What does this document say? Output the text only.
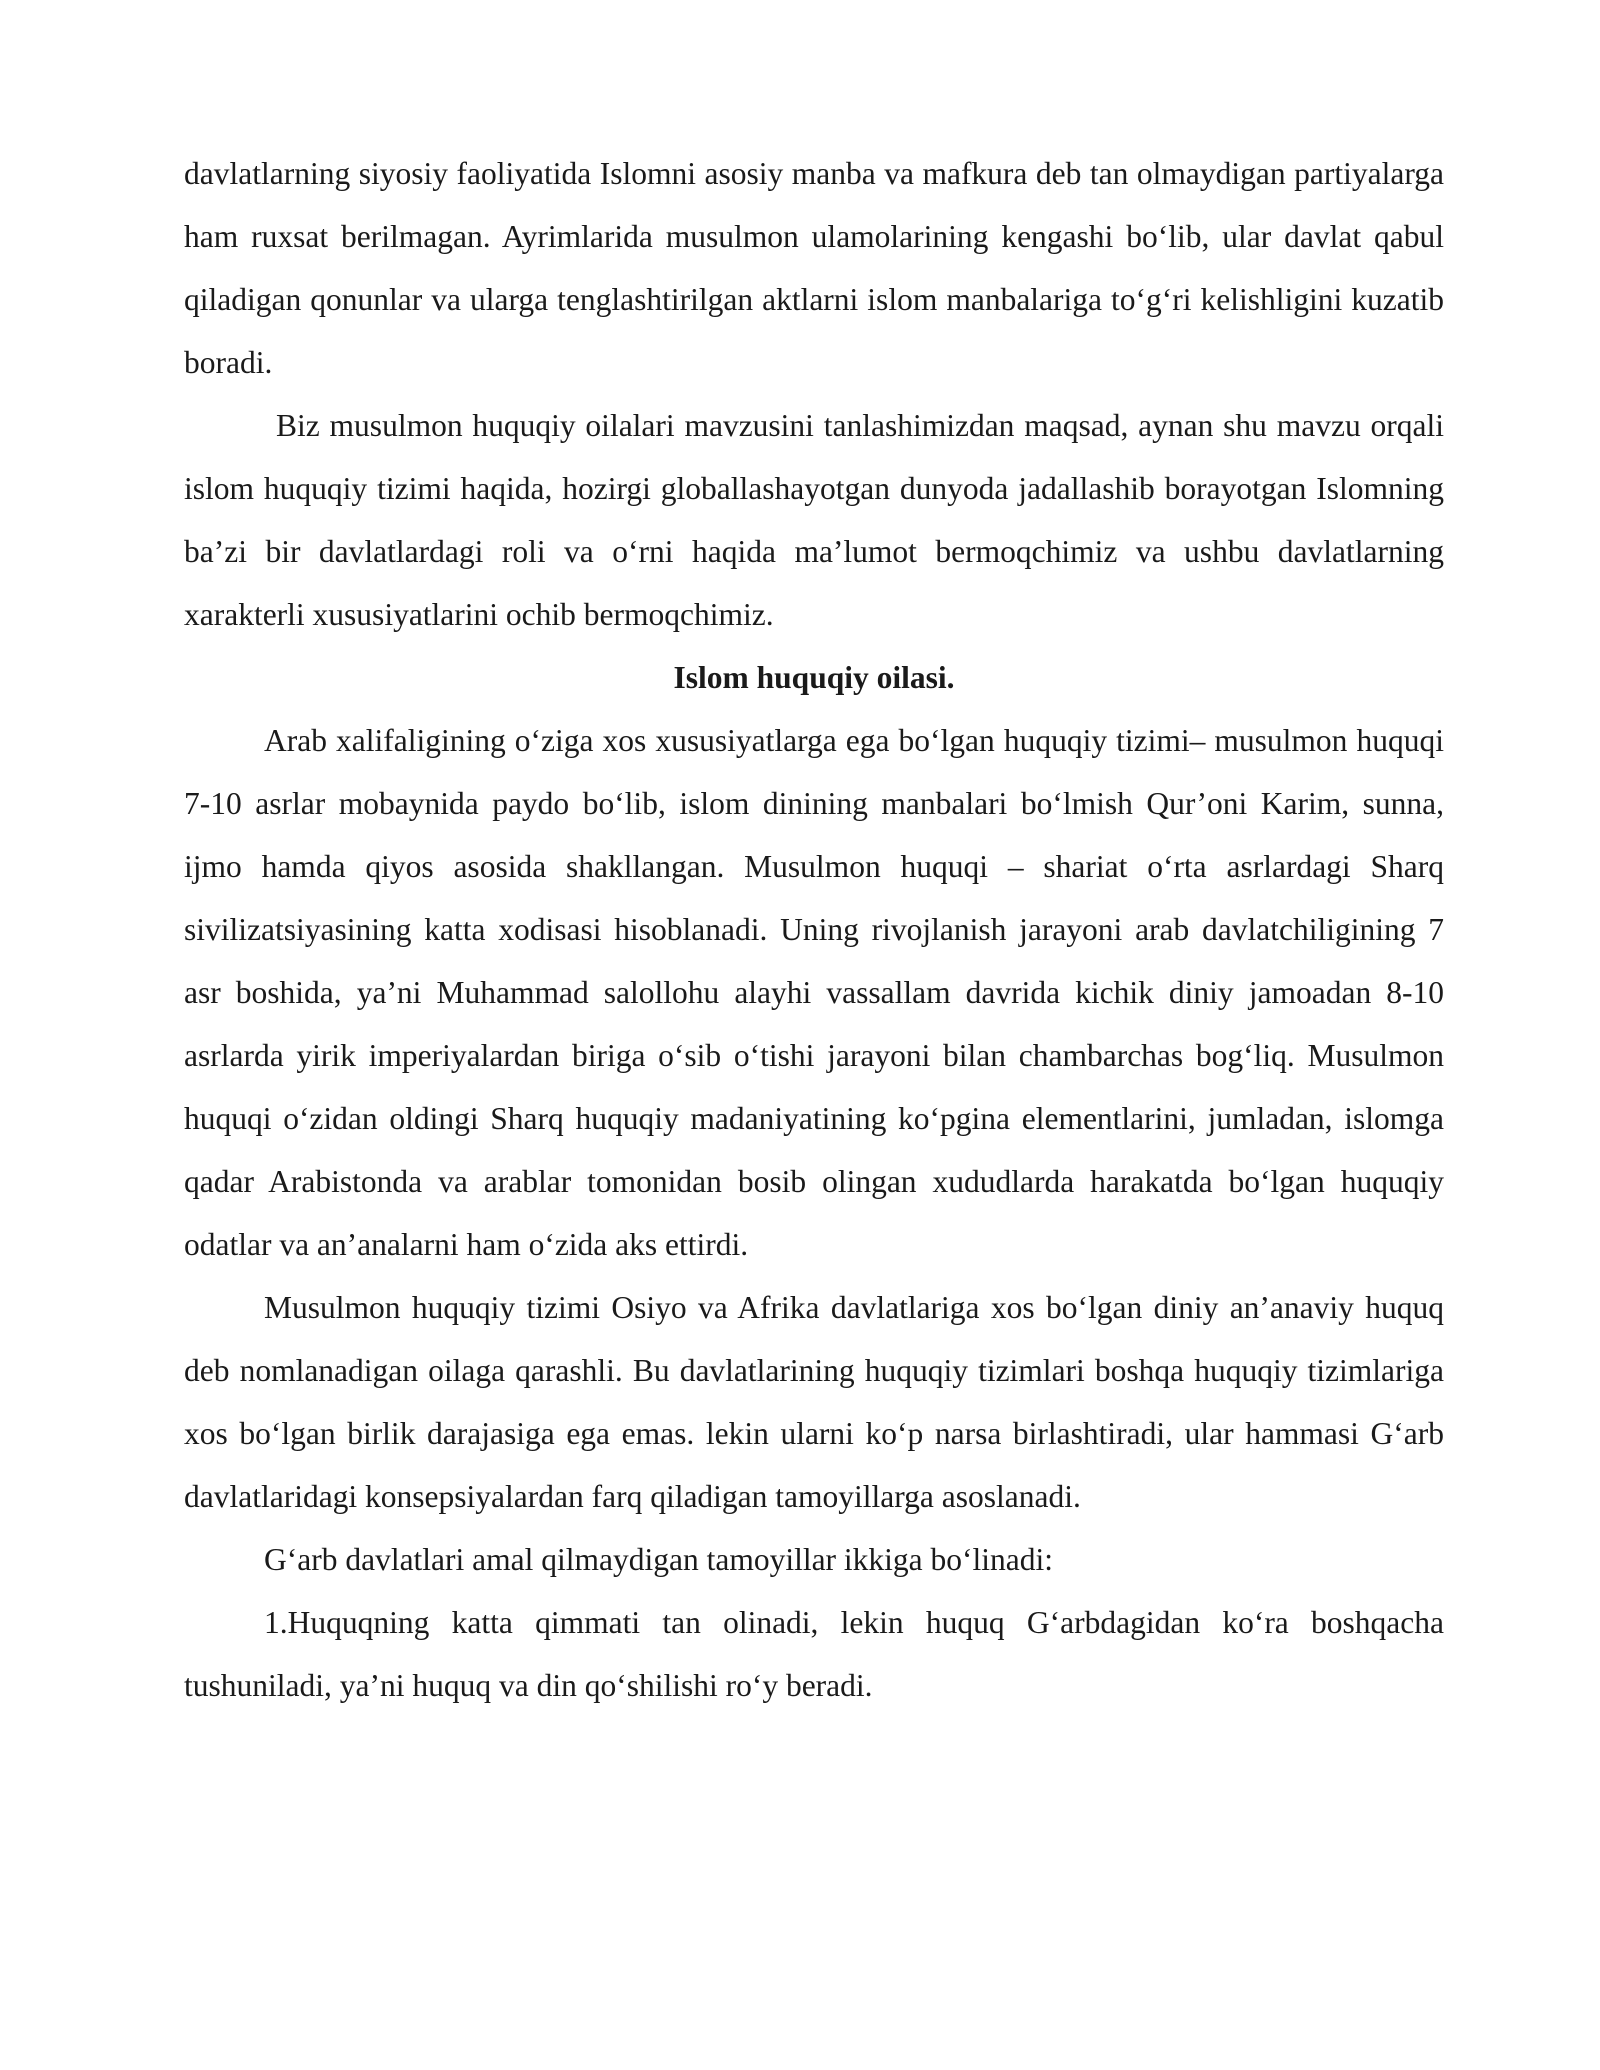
davlatlarning siyosiy faoliyatida Islomni asosiy manba va mafkura deb tan olmaydigan partiyalarga ham ruxsat berilmagan. Ayrimlarida musulmon ulamolarining kengashi bo‘lib, ular davlat qabul qiladigan qonunlar va ularga tenglashtirilgan aktlarni islom manbalariga to‘g‘ri kelishligini kuzatib boradi.

Biz musulmon huquqiy oilalari mavzusini tanlashimizdan maqsad, aynan shu mavzu orqali islom huquqiy tizimi haqida, hozirgi globallashayotgan dunyoda jadallashib borayotgan Islomning ba’zi bir davlatlardagi roli va o‘rni haqida ma’lumot bermoqchimiz va ushbu davlatlarning xarakterli xususiyatlarini ochib bermoqchimiz.

Islom huquqiy oilasi.

Arab xalifaligining o‘ziga xos xususiyatlarga ega bo‘lgan huquqiy tizimi– musulmon huquqi 7-10 asrlar mobaynida paydo bo‘lib, islom dinining manbalari bo‘lmish Qur’oni Karim, sunna, ijmo hamda qiyos asosida shakllangan. Musulmon huquqi – shariat o‘rta asrlardagi Sharq sivilizatsiyasining katta xodisasi hisoblanadi. Uning rivojlanish jarayoni arab davlatchiligining 7 asr boshida, ya’ni Muhammad salollohu alayhi vassallam davrida kichik diniy jamoadan 8-10 asrlarda yirik imperiyalardan biriga o‘sib o‘tishi jarayoni bilan chambarchas bog‘liq. Musulmon huquqi o‘zidan oldingi Sharq huquqiy madaniyatining ko‘pgina elementlarini, jumladan, islomga qadar Arabistonda va arablar tomonidan bosib olingan xududlarda harakatda bo‘lgan huquqiy odatlar va an’analarni ham o‘zida aks ettirdi.

Musulmon huquqiy tizimi Osiyo va Afrika davlatlariga xos bo‘lgan diniy an’anaviy huquq deb nomlanadigan oilaga qarashli. Bu davlatlarining huquqiy tizimlari boshqa huquqiy tizimlariga xos bo‘lgan birlik darajasiga ega emas. lekin ularni ko‘p narsa birlashtiradi, ular hammasi G‘arb davlatlaridagi konsepsiyalardan farq qiladigan tamoyillarga asoslanadi.

G‘arb davlatlari amal qilmaydigan tamoyillar ikkiga bo‘linadi:

1.Huquqning katta qimmati tan olinadi, lekin huquq G‘arbdagidan ko‘ra boshqacha tushuniladi, ya’ni huquq va din qo‘shilishi ro‘y beradi.
